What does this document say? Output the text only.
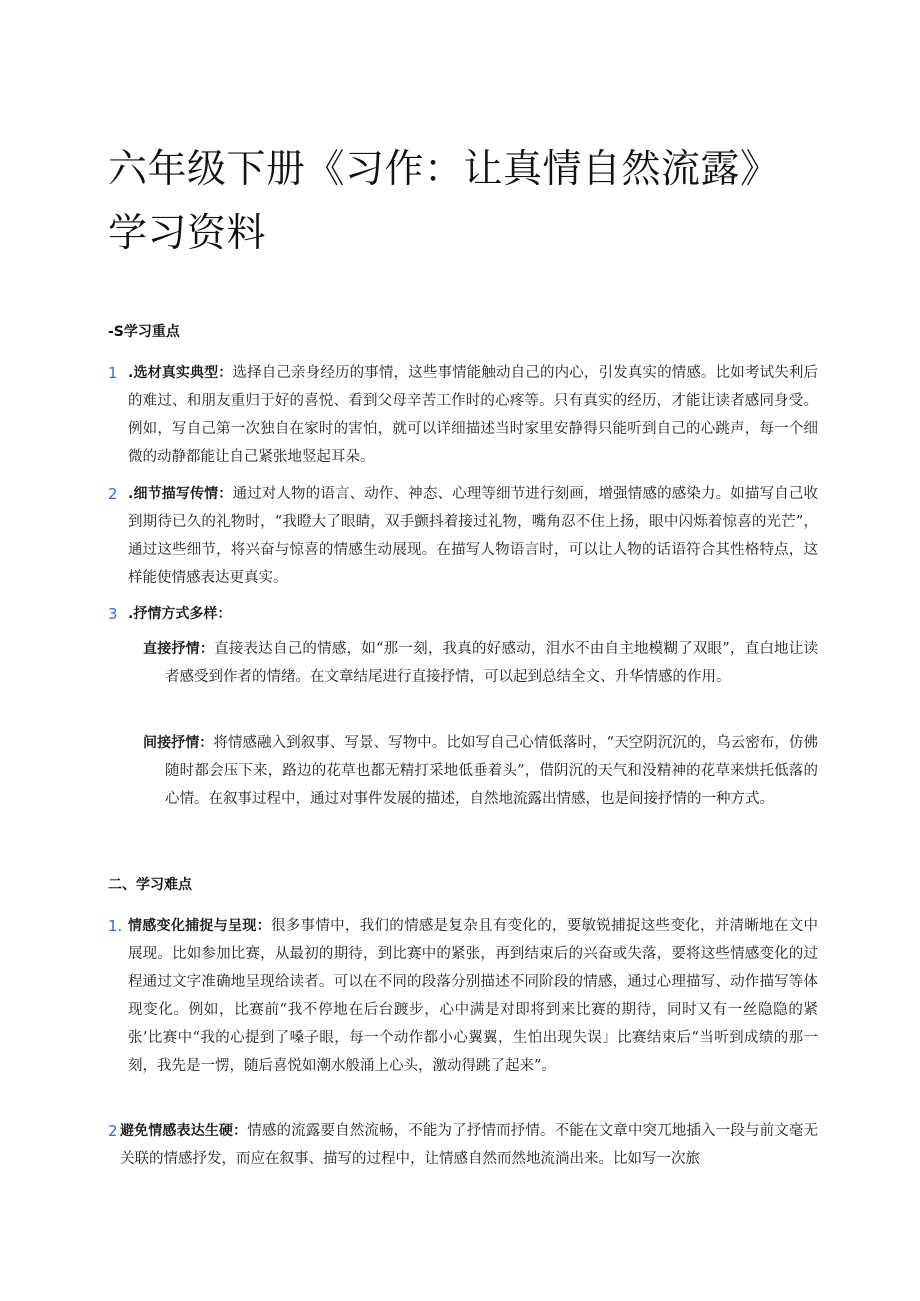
六年级下册《习作：让真情自然流露》学习资料
-S学习重点
1 .选材真实典型：选择自己亲身经历的事情，这些事情能触动自己的内心，引发真实的情感。比如考试失利后的难过、和朋友重归于好的喜悦、看到父母辛苦工作时的心疼等。只有真实的经历，才能让读者感同身受。例如，写自己第一次独自在家时的害怕，就可以详细描述当时家里安静得只能听到自己的心跳声，每一个细微的动静都能让自己紧张地竖起耳朵。
2 .细节描写传情：通过对人物的语言、动作、神态、心理等细节进行刻画，增强情感的感染力。如描写自己收到期待已久的礼物时，“我瞪大了眼睛，双手颤抖着接过礼物，嘴角忍不住上扬，眼中闪烁着惊喜的光芒”，通过这些细节，将兴奋与惊喜的情感生动展现。在描写人物语言时，可以让人物的话语符合其性格特点，这样能使情感表达更真实。
3 .抒情方式多样：
直接抒情：直接表达自己的情感，如“那一刻，我真的好感动，泪水不由自主地模糊了双眼”，直白地让读者感受到作者的情绪。在文章结尾进行直接抒情，可以起到总结全文、升华情感的作用。
间接抒情：将情感融入到叙事、写景、写物中。比如写自己心情低落时，“天空阴沉沉的，乌云密布，仿佛随时都会压下来，路边的花草也都无精打采地低垂着头”，借阴沉的天气和没精神的花草来烘托低落的心情。在叙事过程中，通过对事件发展的描述，自然地流露出情感，也是间接抒情的一种方式。
二、学习难点
1. 情感变化捕捉与呈现：很多事情中，我们的情感是复杂且有变化的，要敏锐捕捉这些变化，并清晰地在文中展现。比如参加比赛，从最初的期待，到比赛中的紧张，再到结束后的兴奋或失落，要将这些情感变化的过程通过文字准确地呈现给读者。可以在不同的段落分别描述不同阶段的情感，通过心理描写、动作描写等体现变化。例如，比赛前“我不停地在后台踱步，心中满是对即将到来比赛的期待，同时又有一丝隐隐的紧张’比赛中“我的心提到了嗓子眼，每一个动作都小心翼翼，生怕出现失误」比赛结束后“当听到成绩的那一刻，我先是一愣，随后喜悦如潮水般涌上心头，激动得跳了起来”。
2 避免情感表达生硬：情感的流露要自然流畅，不能为了抒情而抒情。不能在文章中突兀地插入一段与前文毫无关联的情感抒发，而应在叙事、描写的过程中，让情感自然而然地流淌出来。比如写一次旅
